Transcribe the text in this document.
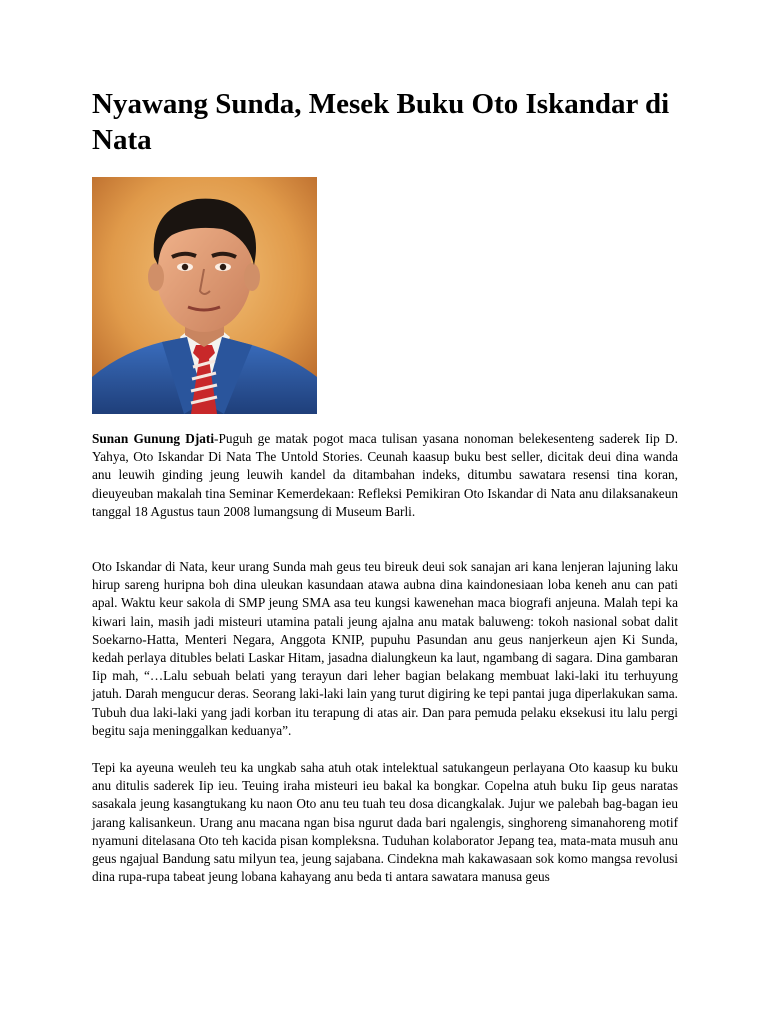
Nyawang Sunda, Mesek Buku Oto Iskandar di Nata

Sunan Gunung Djati-Puguh ge matak pogot maca tulisan yasana nonoman belekesenteng saderek Iip D. Yahya, Oto Iskandar Di Nata The Untold Stories. Ceunah kaasup buku best seller, dicitak deui dina wanda anu leuwih ginding jeung leuwih kandel da ditambahan indeks, ditumbu sawatara resensi tina koran, dieuyeuban makalah tina Seminar Kemerdekaan: Refleksi Pemikiran Oto Iskandar di Nata anu dilaksanakeun tanggal 18 Agustus taun 2008 lumangsung di Museum Barli.

Oto Iskandar di Nata, keur urang Sunda mah geus teu bireuk deui sok sanajan ari kana lenjeran lajuning laku hirup sareng huripna boh dina uleukan kasundaan atawa aubna dina kaindonesiaan loba keneh anu can pati apal. Waktu keur sakola di SMP jeung SMA asa teu kungsi kawenehan maca biografi anjeuna. Malah tepi ka kiwari lain, masih jadi misteuri utamina patali jeung ajalna anu matak baluweng: tokoh nasional sobat dalit Soekarno-Hatta, Menteri Negara, Anggota KNIP, pupuhu Pasundan anu geus nanjerkeun ajen Ki Sunda, kedah perlaya ditubles belati Laskar Hitam, jasadna dialungkeun ka laut, ngambang di sagara. Dina gambaran Iip mah, “…Lalu sebuah belati yang terayun dari leher bagian belakang membuat laki-laki itu terhuyung jatuh. Darah mengucur deras. Seorang laki-laki lain yang turut digiring ke tepi pantai juga diperlakukan sama. Tubuh dua laki-laki yang jadi korban itu terapung di atas air. Dan para pemuda pelaku eksekusi itu lalu pergi begitu saja meninggalkan keduanya”.

Tepi ka ayeuna weuleh teu ka ungkab saha atuh otak intelektual satukangeun perlayana Oto kaasup ku buku anu ditulis saderek Iip ieu. Teuing iraha misteuri ieu bakal ka bongkar. Copelna atuh buku Iip geus naratas sasakala jeung kasangtukang ku naon Oto anu teu tuah teu dosa dicangkalak. Jujur we palebah bag-bagan ieu jarang kalisankeun. Urang anu macana ngan bisa ngurut dada bari ngalengis, singhoreng simanahoreng motif nyamuni ditelasana Oto teh kacida pisan kompleksna. Tuduhan kolaborator Jepang tea, mata-mata musuh anu geus ngajual Bandung satu milyun tea, jeung sajabana. Cindekna mah kakawasaan sok komo mangsa revolusi dina rupa-rupa tabeat jeung lobana kahayang anu beda ti antara sawatara manusa geus
